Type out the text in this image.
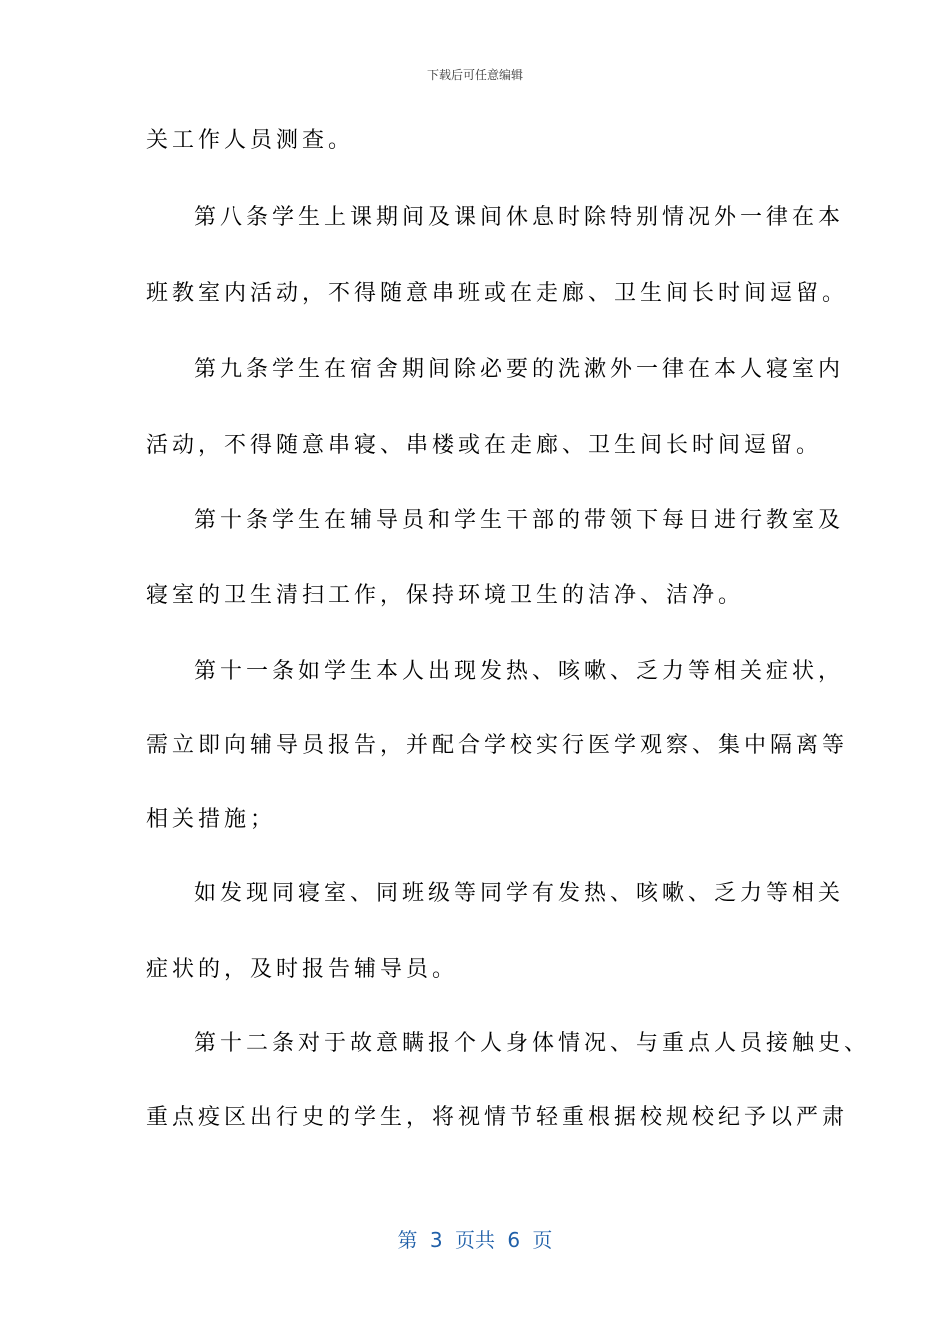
下载后可任意编辑
关工作人员测查。
第八条学生上课期间及课间休息时除特别情况外一律在本
班教室内活动，不得随意串班或在走廊、卫生间长时间逗留。
第九条学生在宿舍期间除必要的洗漱外一律在本人寝室内
活动，不得随意串寝、串楼或在走廊、卫生间长时间逗留。
第十条学生在辅导员和学生干部的带领下每日进行教室及
寝室的卫生清扫工作，保持环境卫生的洁净、洁净。
第十一条如学生本人出现发热、咳嗽、乏力等相关症状，
需立即向辅导员报告，并配合学校实行医学观察、集中隔离等
相关措施；
如发现同寝室、同班级等同学有发热、咳嗽、乏力等相关
症状的，及时报告辅导员。
第十二条对于故意瞒报个人身体情况、与重点人员接触史、
重点疫区出行史的学生，将视情节轻重根据校规校纪予以严肃
第 3 页共 6 页
